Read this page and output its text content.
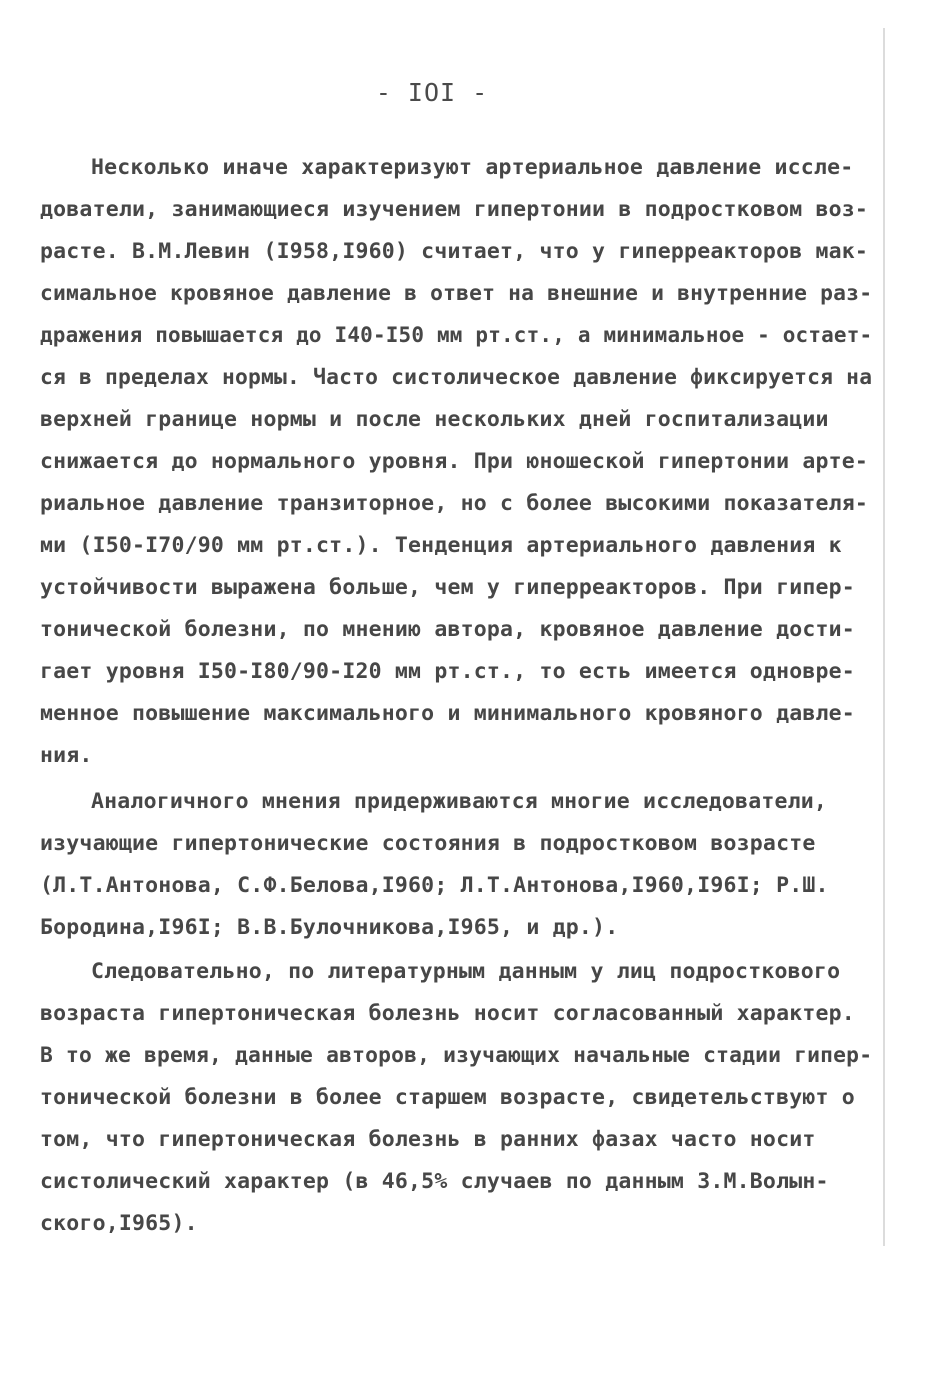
- IOI -
Несколько иначе характеризуют артериальное давление иссле-
дователи, занимающиеся изучением гипертонии в подростковом воз-
расте. В.М.Левин (I958,I960) считает, что у гиперреакторов мак-
симальное кровяное давление в ответ на внешние и внутренние раз-
дражения повышается до I40-I50 мм рт.ст., а минимальное - остает-
ся в пределах нормы. Часто систолическое давление фиксируется на
верхней границе нормы и после нескольких дней госпитализации
снижается до нормального уровня. При юношеской гипертонии арте-
риальное давление транзиторное, но с более высокими показателя-
ми (I50-I70/90 мм рт.ст.). Тенденция артериального давления к
устойчивости выражена больше, чем у гиперреакторов. При гипер-
тонической болезни, по мнению автора, кровяное давление дости-
гает уровня I50-I80/90-I20 мм рт.ст., то есть имеется одновре-
менное повышение максимального и минимального кровяного давле-
ния.
Аналогичного мнения придерживаются многие исследователи,
изучающие гипертонические состояния в подростковом возрасте
(Л.Т.Антонова, С.Ф.Белова,I960; Л.Т.Антонова,I960,I96I; Р.Ш.
Бородина,I96I; В.В.Булочникова,I965, и др.).
Следовательно, по литературным данным у лиц подросткового
возраста гипертоническая болезнь носит согласованный характер.
В то же время, данные авторов, изучающих начальные стадии гипер-
тонической болезни в более старшем возрасте, свидетельствуют о
том, что гипертоническая болезнь в ранних фазах часто носит
систолический характер (в 46,5% случаев по данным З.М.Волын-
ского,I965).
